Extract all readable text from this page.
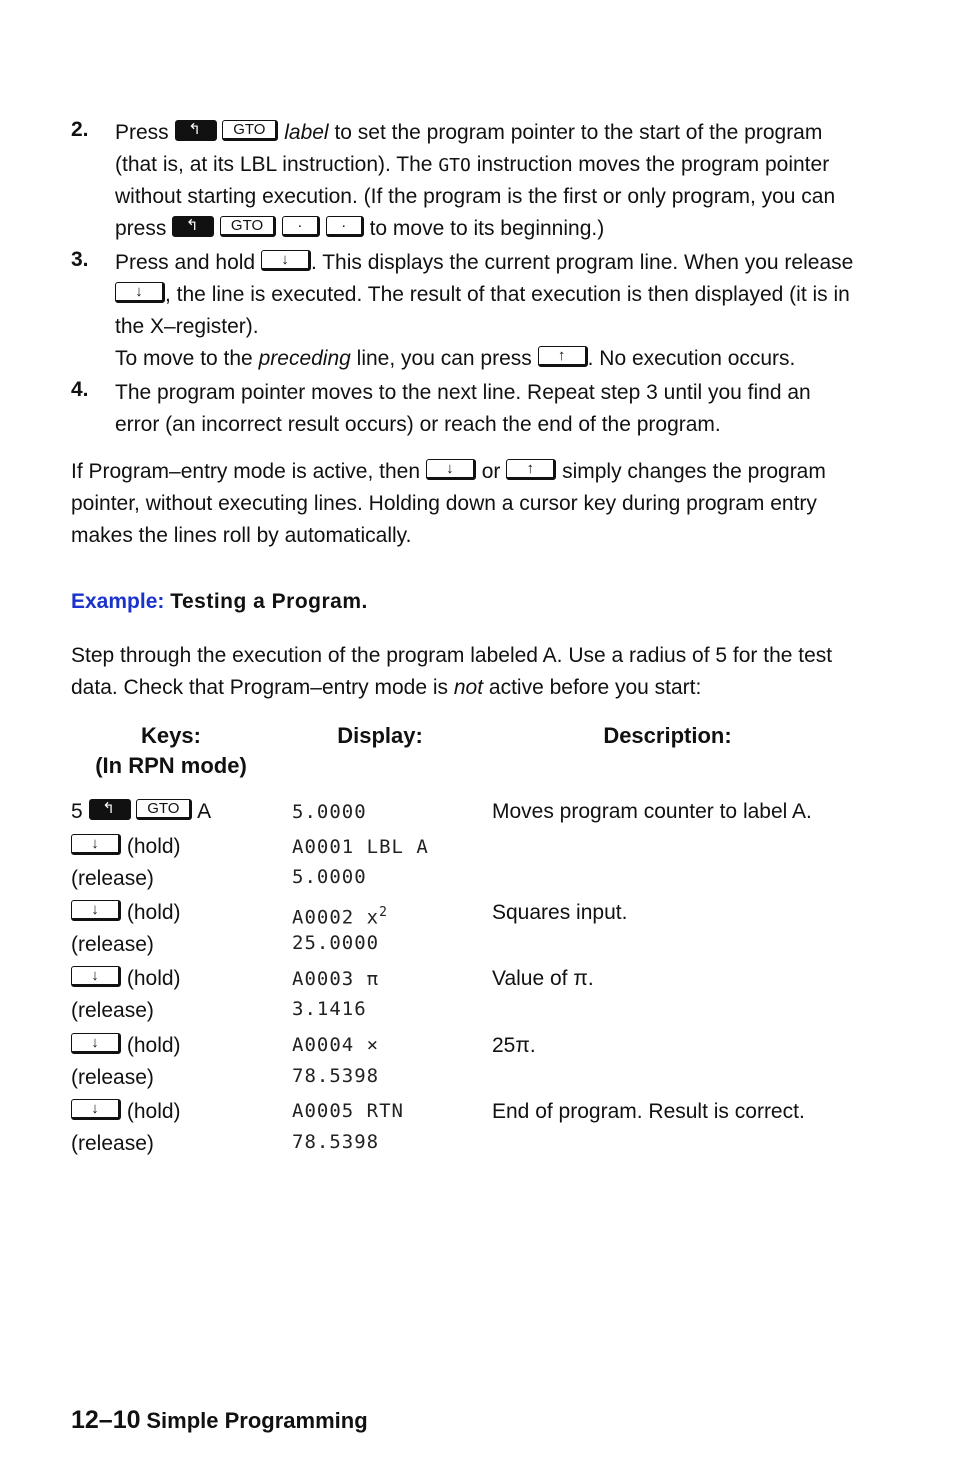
2. Press ↰ GTO label to set the program pointer to the start of the program
(that is, at its LBL instruction). The GTO instruction moves the program pointer
without starting execution. (If the program is the first or only program, you can
press ↰ GTO ·	· to move to its beginning.)
3. Press and hold ↓ . This displays the current program line. When you release
↓ , the line is executed. The result of that execution is then displayed (it is in
the X–register).
To move to the preceding line, you can press ↑ . No execution occurs.
4. The program pointer moves to the next line. Repeat step 3 until you find an
error (an incorrect result occurs) or reach the end of the program.
If Program–entry mode is active, then ↓ or ↑ simply changes the program
pointer, without executing lines. Holding down a cursor key during program entry
makes the lines roll by automatically.
Example: Testing a Program.
Step through the execution of the program labeled A. Use a radius of 5 for the test
data. Check that Program–entry mode is not active before you start:
Keys:
(In RPN mode)
Display:	Description:
5 ↰ GTO A	5.0000	Moves program counter to label A.
↓ (hold)	A0001 LBL A
(release)	5.0000
↓ (hold)	A0002 $x^2$	Squares input.
(release)	25.0000
↓ (hold)	A0003 π	Value of π.
(release)	3.1416
↓ (hold)	A0004 ×	25π.
(release)	78.5398
↓ (hold)	A0005 RTN	End of program. Result is correct.
(release)	78.5398
12–10 Simple Programming
